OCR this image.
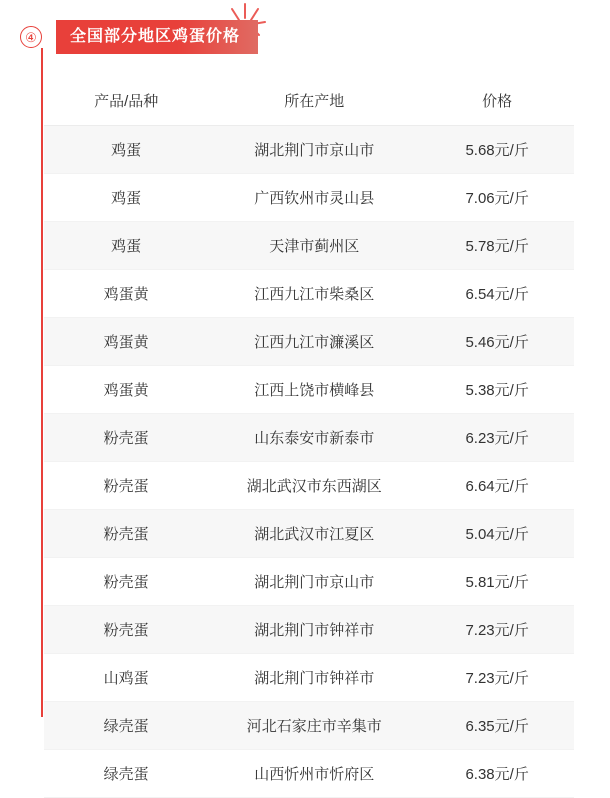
④	全国部分地区鸡蛋价格
产品/品种	所在产地	价格
鸡蛋	湖北荆门市京山市	5.68元/斤
鸡蛋	广西钦州市灵山县	7.06元/斤
鸡蛋	天津市蓟州区	5.78元/斤
鸡蛋黄	江西九江市柴桑区	6.54元/斤
鸡蛋黄	江西九江市濂溪区	5.46元/斤
鸡蛋黄	江西上饶市横峰县	5.38元/斤
粉壳蛋	山东泰安市新泰市	6.23元/斤
粉壳蛋	湖北武汉市东西湖区	6.64元/斤
粉壳蛋	湖北武汉市江夏区	5.04元/斤
粉壳蛋	湖北荆门市京山市	5.81元/斤
粉壳蛋	湖北荆门市钟祥市	7.23元/斤
山鸡蛋	湖北荆门市钟祥市	7.23元/斤
绿壳蛋	河北石家庄市辛集市	6.35元/斤
绿壳蛋	山西忻州市忻府区	6.38元/斤
